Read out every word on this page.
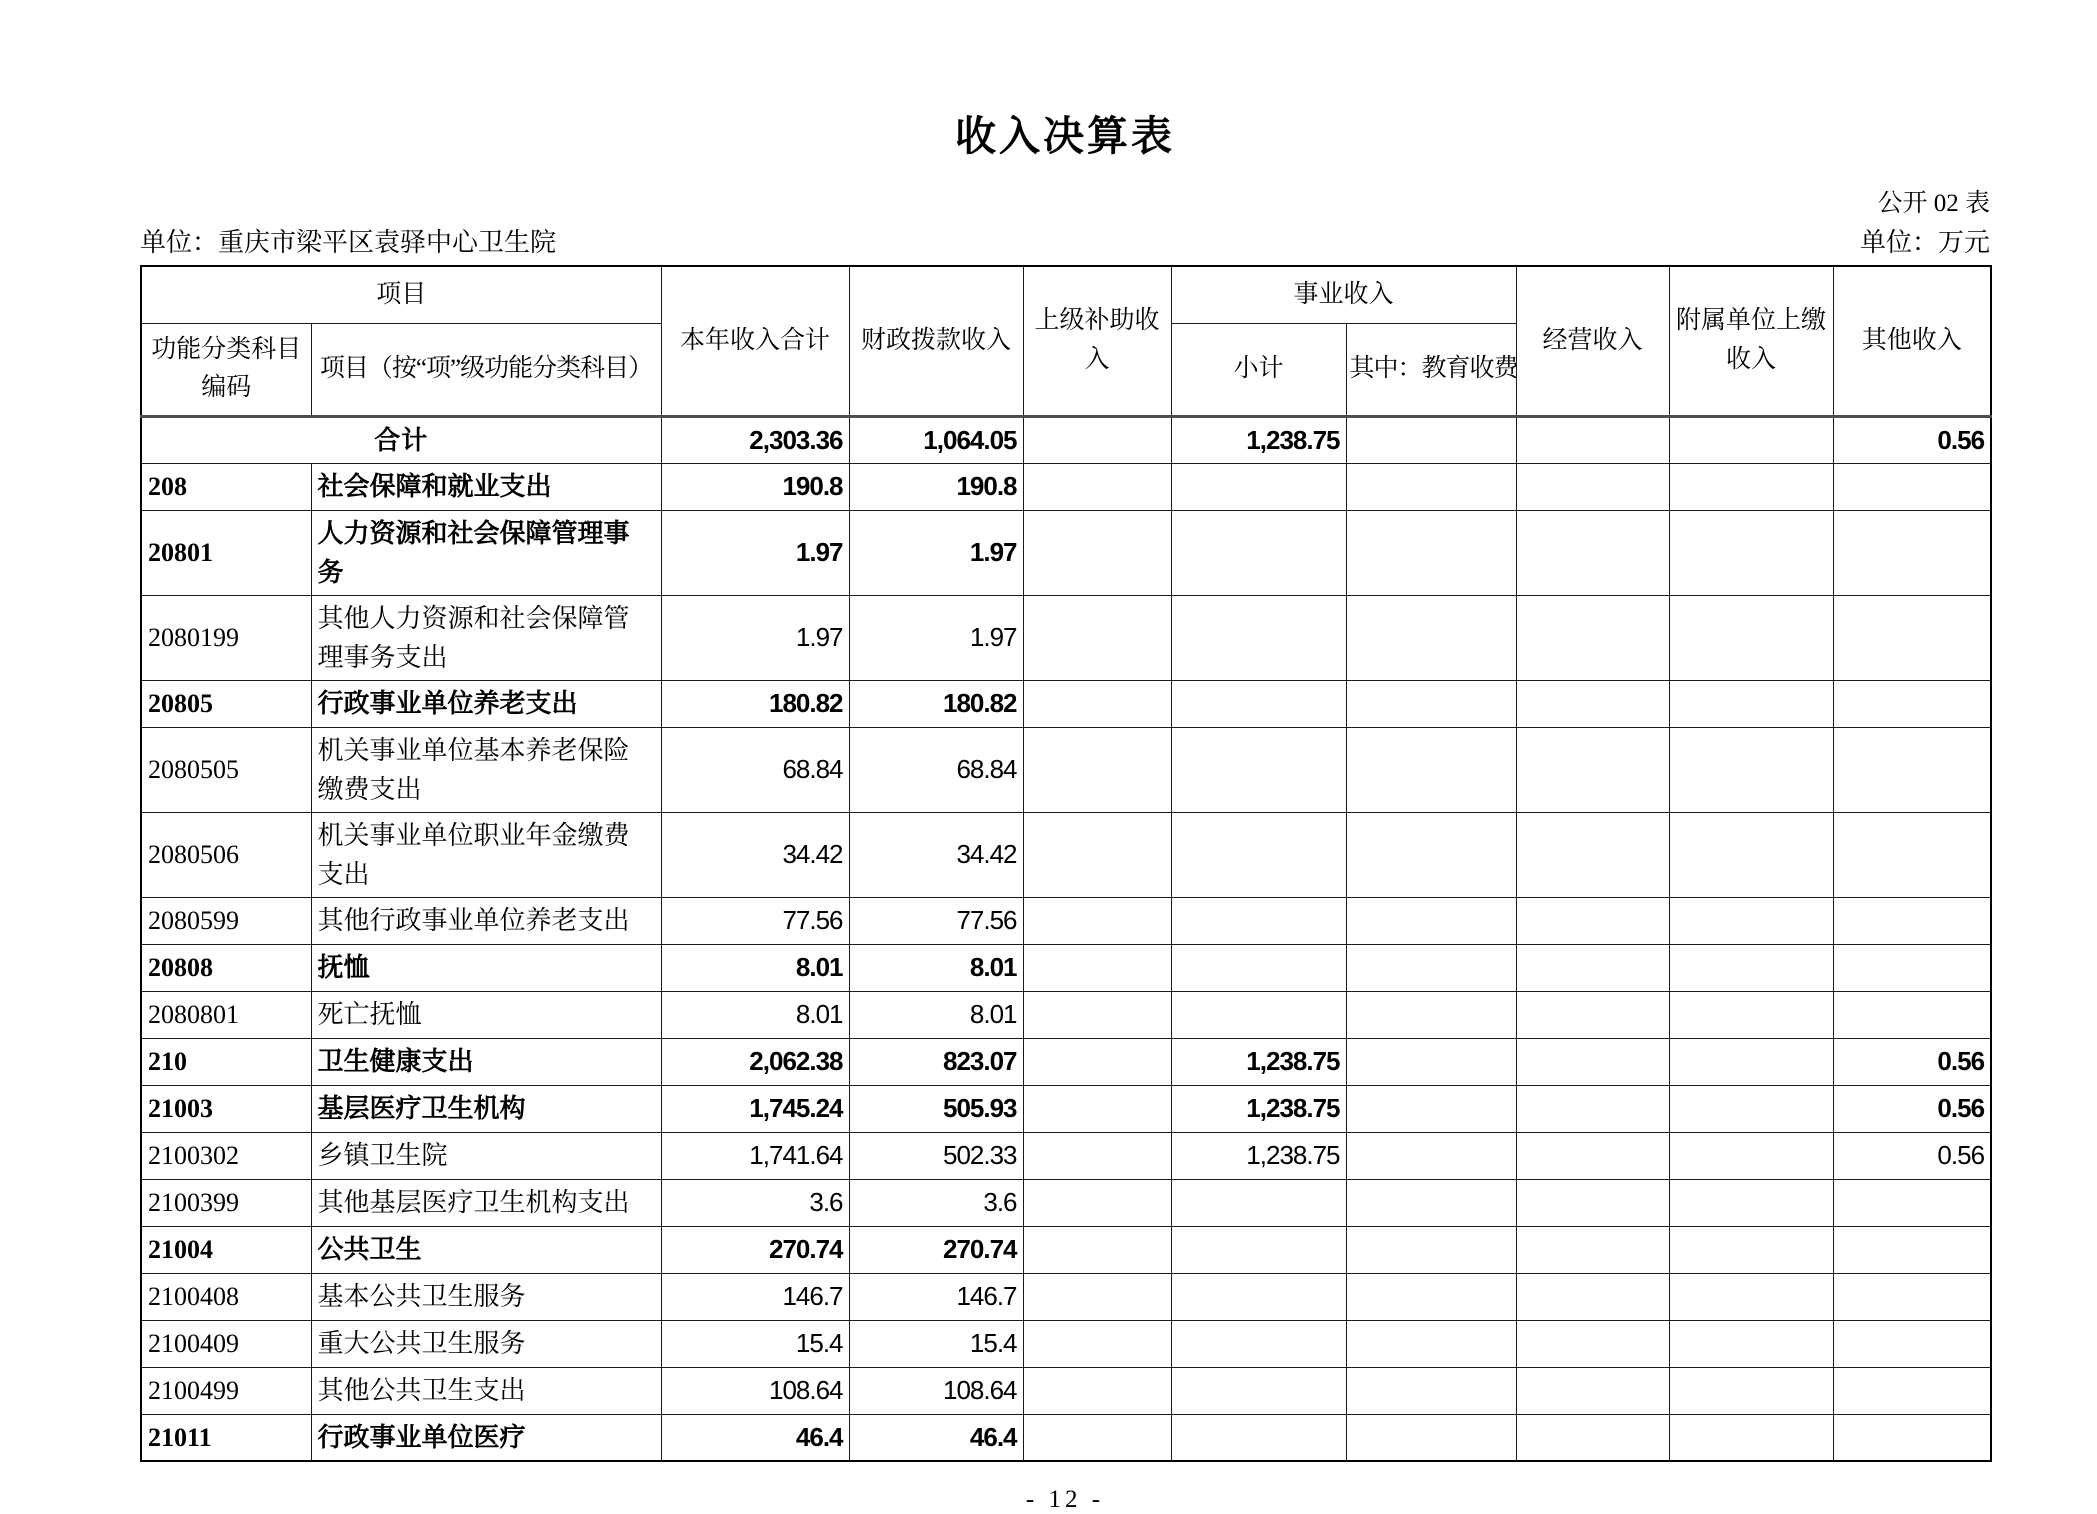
收入决算表
公开 02 表
单位：重庆市梁平区袁驿中心卫生院	单位：万元
项目		本年收入合计	财政拨款收入	上级补助收入	事业收入		经营收入	附属单位上缴收入	其他收入
功能分类科目编码	项目（按“项”级功能分类科目）				小计	其中：教育收费			
合计		2,303.36	1,064.05		1,238.75				0.56
208	社会保障和就业支出	190.8	190.8						
20801	人力资源和社会保障管理事务	1.97	1.97						
2080199	其他人力资源和社会保障管理事务支出	1.97	1.97						
20805	行政事业单位养老支出	180.82	180.82						
2080505	机关事业单位基本养老保险缴费支出	68.84	68.84						
2080506	机关事业单位职业年金缴费支出	34.42	34.42						
2080599	其他行政事业单位养老支出	77.56	77.56						
20808	抚恤	8.01	8.01						
2080801	死亡抚恤	8.01	8.01						
210	卫生健康支出	2,062.38	823.07		1,238.75				0.56
21003	基层医疗卫生机构	1,745.24	505.93		1,238.75				0.56
2100302	乡镇卫生院	1,741.64	502.33		1,238.75				0.56
2100399	其他基层医疗卫生机构支出	3.6	3.6						
21004	公共卫生	270.74	270.74						
2100408	基本公共卫生服务	146.7	146.7						
2100409	重大公共卫生服务	15.4	15.4						
2100499	其他公共卫生支出	108.64	108.64						
21011	行政事业单位医疗	46.4	46.4						
- 12 -
